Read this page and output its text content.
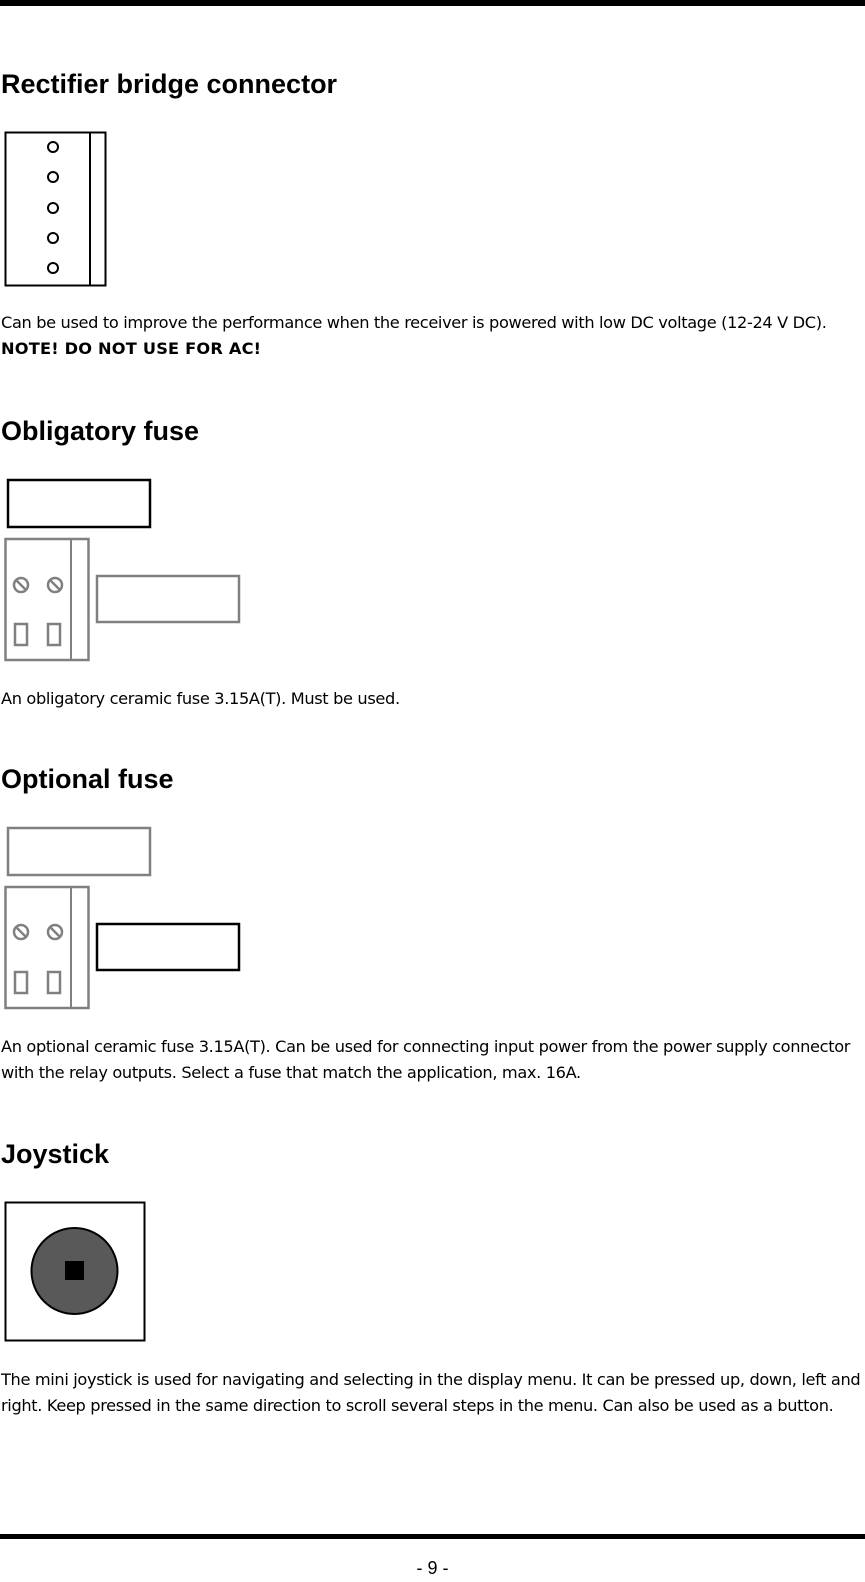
Rectifier bridge connector

Can be used to improve the performance when the receiver is powered with low DC voltage (12-24 V DC). NOTE! DO NOT USE FOR AC!

Obligatory fuse

An obligatory ceramic fuse 3.15A(T). Must be used.

Optional fuse

An optional ceramic fuse 3.15A(T). Can be used for connecting input power from the power supply connector with the relay outputs. Select a fuse that match the application, max. 16A.

Joystick

The mini joystick is used for navigating and selecting in the display menu. It can be pressed up, down, left and right. Keep pressed in the same direction to scroll several steps in the menu. Can also be used as a button.

- 9 -
